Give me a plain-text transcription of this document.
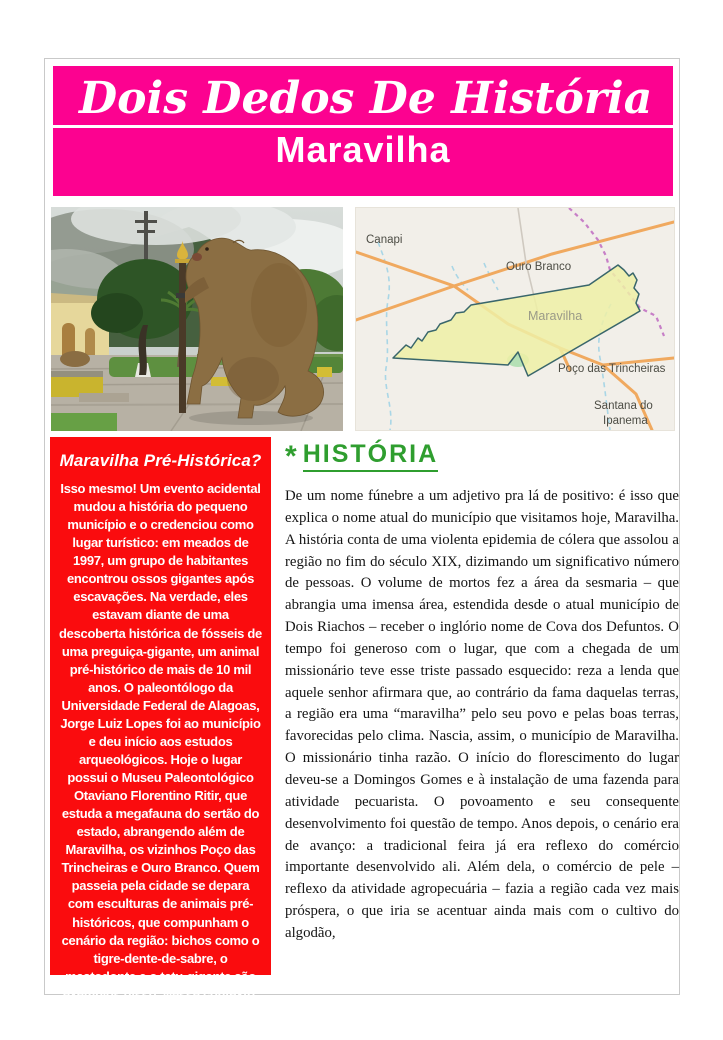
Dois Dedos De História
Maravilha
Canapi
Ouro Branco
Maravilha
Poço das Trincheiras
Santana do
Ipanema
Maravilha Pré-Histórica?

Isso mesmo! Um evento acidental mudou a história do pequeno município e o credenciou como lugar turístico: em meados de 1997, um grupo de habitantes encontrou ossos gigantes após escavações. Na verdade, eles estavam diante de uma descoberta histórica de fósseis de uma preguiça-gigante, um animal pré-histórico de mais de 10 mil anos. O paleontólogo da Universidade Federal de Alagoas, Jorge Luiz Lopes foi ao município e deu início aos estudos arqueológicos. Hoje o lugar possui o Museu Paleontológico Otaviano Florentino Ritir, que estuda a megafauna do sertão do estado, abrangendo além de Maravilha, os vizinhos Poço das Trincheiras e Ouro Branco. Quem passeia pela cidade se depara com esculturas de animais pré-históricos, que compunham o cenário da região: bichos como o tigre-dente-de-sabre, o mastodonte e o tatu-gigante são exemplos disso. Nesse contexto, Maravilha já desponta como cidade temática.

* HISTÓRIA

De um nome fúnebre a um adjetivo pra lá de positivo: é isso que explica o nome atual do município que visitamos hoje, Maravilha. A história conta de uma violenta epidemia de cólera que assolou a região no fim do século XIX, dizimando um significativo número de pessoas. O volume de mortos fez a área da sesmaria – que abrangia uma imensa área, estendida desde o atual município de Dois Riachos – receber o inglório nome de Cova dos Defuntos. O tempo foi generoso com o lugar, que com a chegada de um missionário teve esse triste passado esquecido: reza a lenda que aquele senhor afirmara que, ao contrário da fama daquelas terras, a região era uma “maravilha” pelo seu povo e pelas boas terras, favorecidas pelo clima. Nascia, assim, o município de Maravilha. O missionário tinha razão. O início do florescimento do lugar deveu-se a Domingos Gomes e à instalação de uma fazenda para atividade pecuarista. O povoamento e seu consequente desenvolvimento foi questão de tempo. Anos depois, o cenário era de avanço: a tradicional feira já era reflexo do comércio importante desenvolvido ali. Além dela, o comércio de pele – reflexo da atividade agropecuária – fazia a região cada vez mais próspera, o que iria se acentuar ainda mais com o cultivo do algodão,
